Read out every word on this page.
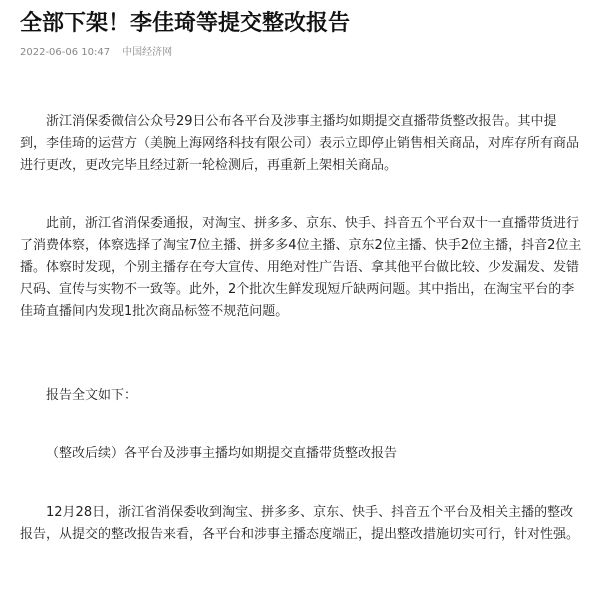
全部下架！李佳琦等提交整改报告
2022-06-06 10:47 中国经济网

浙江消保委微信公众号29日公布各平台及涉事主播均如期提交直播带货整改报告。其中提到，李佳琦的运营方（美腕上海网络科技有限公司）表示立即停止销售相关商品，对库存所有商品进行更改，更改完毕且经过新一轮检测后，再重新上架相关商品。

此前，浙江省消保委通报，对淘宝、拼多多、京东、快手、抖音五个平台双十一直播带货进行了消费体察，体察选择了淘宝7位主播、拼多多4位主播、京东2位主播、快手2位主播，抖音2位主播。体察时发现，个别主播存在夸大宣传、用绝对性广告语、拿其他平台做比较、少发漏发、发错尺码、宣传与实物不一致等。此外，2个批次生鲜发现短斤缺两问题。其中指出，在淘宝平台的李佳琦直播间内发现1批次商品标签不规范问题。

报告全文如下：

（整改后续）各平台及涉事主播均如期提交直播带货整改报告

12月28日，浙江省消保委收到淘宝、拼多多、京东、快手、抖音五个平台及相关主播的整改报告，从提交的整改报告来看，各平台和涉事主播态度端正，提出整改措施切实可行，针对性强。
